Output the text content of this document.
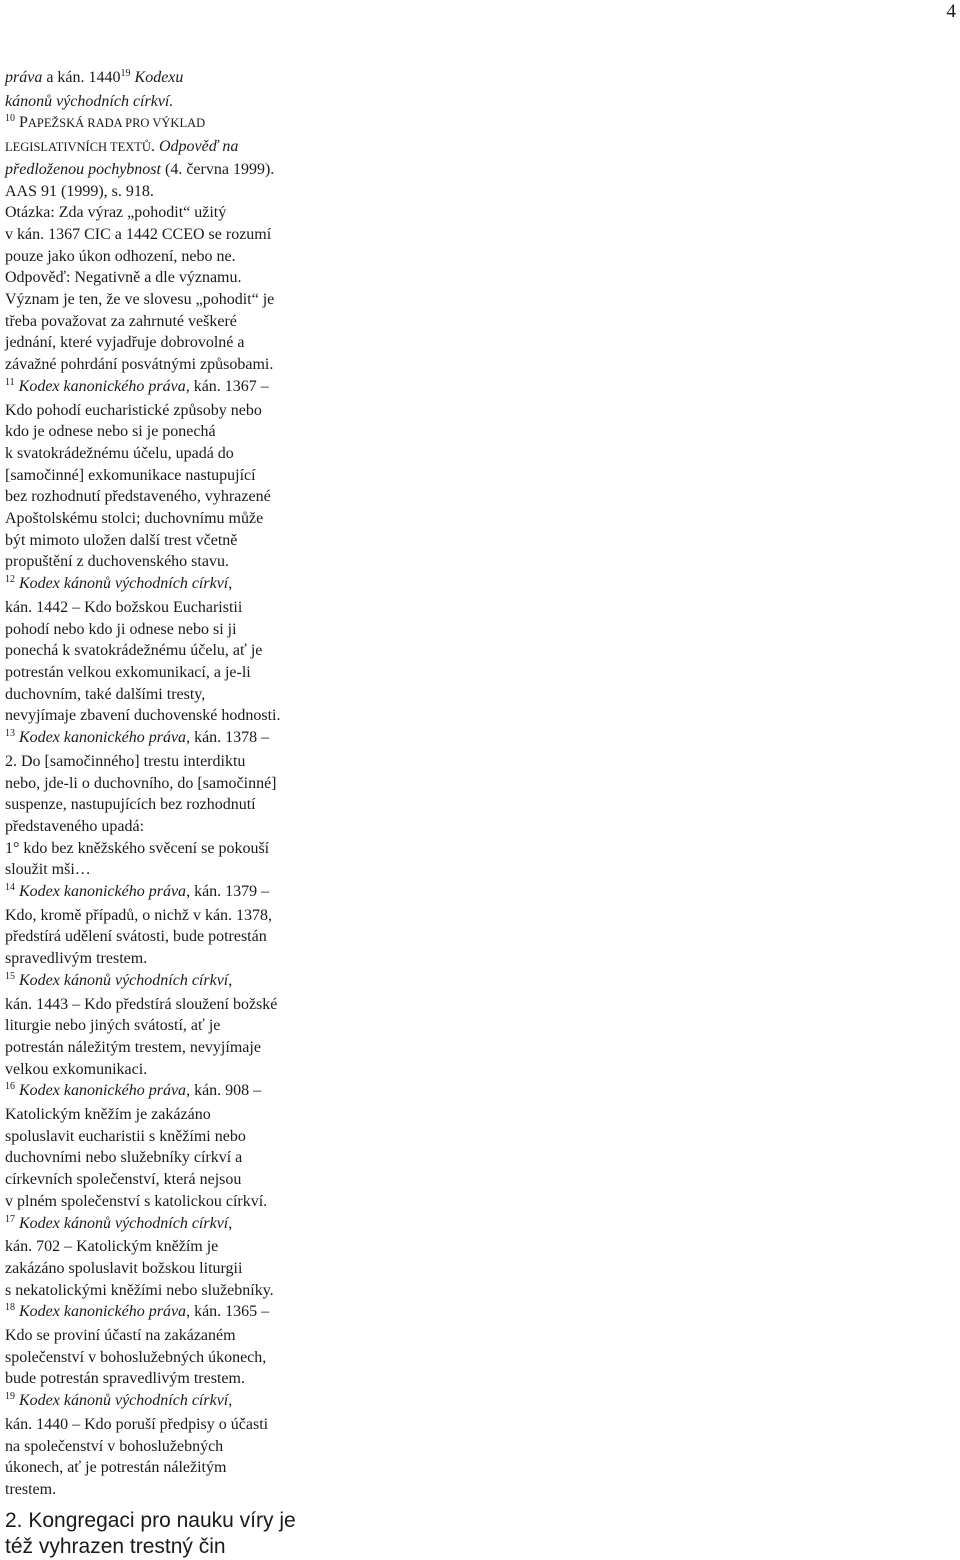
4
práva a kán. 1440$^{19}$ Kodexu
kánonů východních církví.
$^{10}$ PAPEŽSKÁ RADA PRO VÝKLAD
LEGISLATIVNÍCH TEXTŮ. Odpověď na
předloženou pochybnost (4. června 1999).
AAS 91 (1999), s. 918.
Otázka: Zda výraz „pohodit“ užitý
v kán. 1367 CIC a 1442 CCEO se rozumí
pouze jako úkon odhození, nebo ne.
Odpověď: Negativně a dle významu.
Význam je ten, že ve slovesu „pohodit“ je
třeba považovat za zahrnuté veškeré
jednání, které vyjadřuje dobrovolné a
závažné pohrdání posvátnými způsobami.
$^{11}$ Kodex kanonického práva, kán. 1367 –
Kdo pohodí eucharistické způsoby nebo
kdo je odnese nebo si je ponechá
k svatokrádežnému účelu, upadá do
[samočinné] exkomunikace nastupující
bez rozhodnutí představeného, vyhrazené
Apoštolskému stolci; duchovnímu může
být mimoto uložen další trest včetně
propuštění z duchovenského stavu.
$^{12}$ Kodex kánonů východních církví,
kán. 1442 – Kdo božskou Eucharistii
pohodí nebo kdo ji odnese nebo si ji
ponechá k svatokrádežnému účelu, ať je
potrestán velkou exkomunikací, a je-li
duchovním, také dalšími tresty,
nevyjímaje zbavení duchovenské hodnosti.
$^{13}$ Kodex kanonického práva, kán. 1378 –
2. Do [samočinného] trestu interdiktu
nebo, jde-li o duchovního, do [samočinné]
suspenze, nastupujících bez rozhodnutí
představeného upadá:
1° kdo bez kněžského svěcení se pokouší
sloužit mši…
$^{14}$ Kodex kanonického práva, kán. 1379 –
Kdo, kromě případů, o nichž v kán. 1378,
předstírá udělení svátosti, bude potrestán
spravedlivým trestem.
$^{15}$ Kodex kánonů východních církví,
kán. 1443 – Kdo předstírá sloužení božské
liturgie nebo jiných svátostí, ať je
potrestán náležitým trestem, nevyjímaje
velkou exkomunikaci.
$^{16}$ Kodex kanonického práva, kán. 908 –
Katolickým kněžím je zakázáno
spoluslavit eucharistii s kněžími nebo
duchovními nebo služebníky církví a
církevních společenství, která nejsou
v plném společenství s katolickou církví.
$^{17}$ Kodex kánonů východních církví,
kán. 702 – Katolickým kněžím je
zakázáno spoluslavit božskou liturgii
s nekatolickými kněžími nebo služebníky.
$^{18}$ Kodex kanonického práva, kán. 1365 –
Kdo se proviní účastí na zakázaném
společenství v bohoslužebných úkonech,
bude potrestán spravedlivým trestem.
$^{19}$ Kodex kánonů východních církví,
kán. 1440 – Kdo poruší předpisy o účasti
na společenství v bohoslužebných
úkonech, ať je potrestán náležitým
trestem.
2. Kongregaci pro nauku víry je
též vyhrazen trestný čin
